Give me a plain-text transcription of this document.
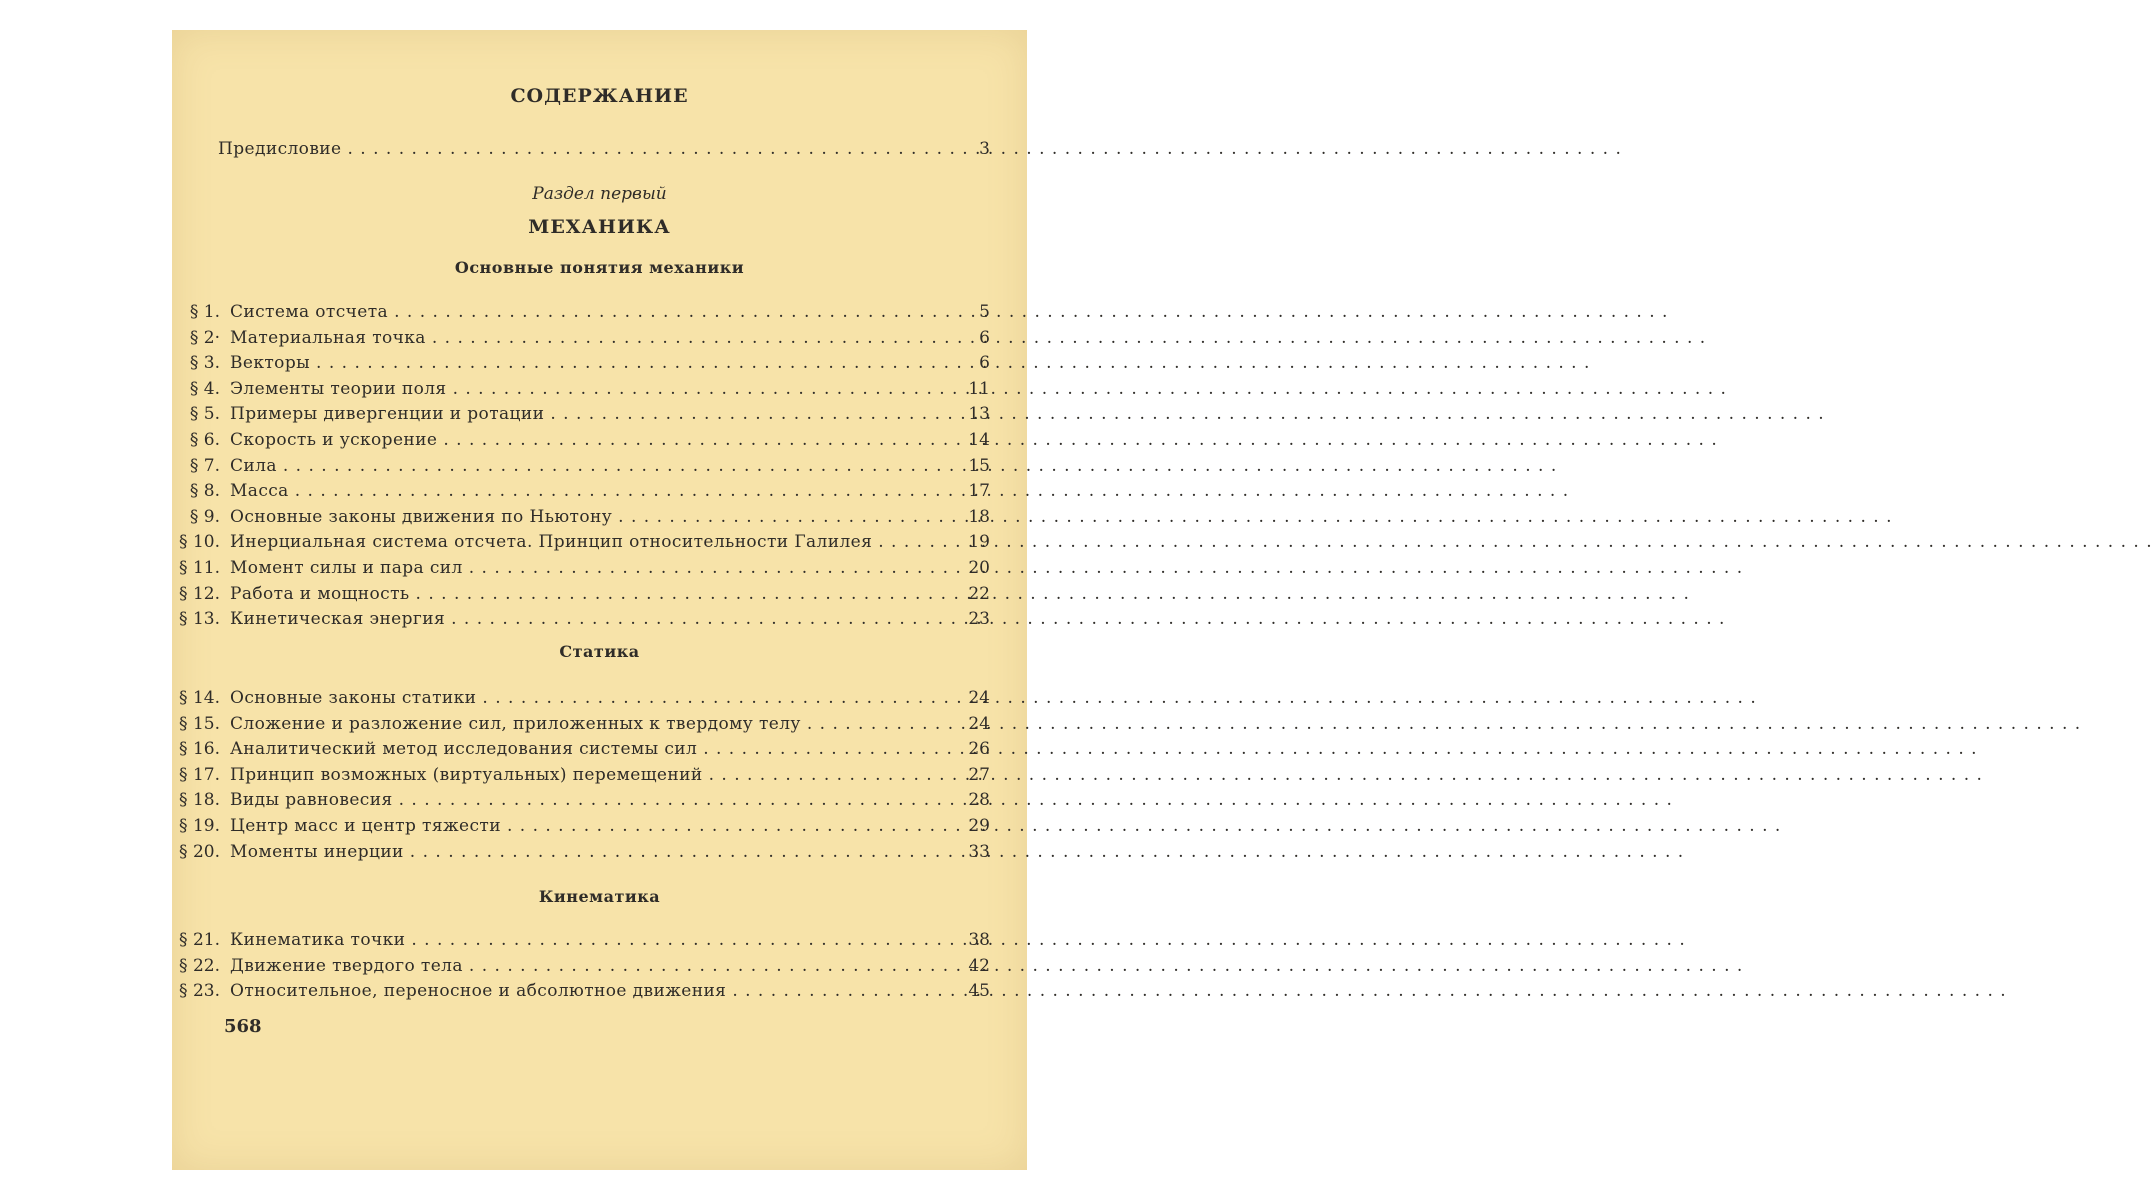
СОДЕРЖАНИЕ

Предисловие . . .	3

Раздел первый

МЕХАНИКА

Основные понятия механики

§ 1. Система отсчета . . .	5
§ 2· Материальная точка . . .	6
§ 3. Векторы . . .	6
§ 4. Элементы теории поля . . .	11
§ 5. Примеры дивергенции и ротации . . .	13
§ 6. Скорость и ускорение . . .	14
§ 7. Сила . . .	15
§ 8. Масса . . .	17
§ 9. Основные законы движения по Ньютону . . .	18
§ 10. Инерциальная система отсчета. Принцип относительности Галилея . . .	19
§ 11. Момент силы и пара сил . . .	20
§ 12. Работа и мощность . . .	22
§ 13. Кинетическая энергия . . .	23

Статика

§ 14. Основные законы статики . . .	24
§ 15. Сложение и разложение сил, приложенных к твердому телу . . .	24
§ 16. Аналитический метод исследования системы сил . . .	26
§ 17. Принцип возможных (виртуальных) перемещений . . .	27
§ 18. Виды равновесия . . .	28
§ 19. Центр масс и центр тяжести . . .	29
§ 20. Моменты инерции . . .	33

Кинематика

§ 21. Кинематика точки . . .	38
§ 22. Движение твердого тела . . .	42
§ 23. Относительное, переносное и абсолютное движения . . .	45
568
